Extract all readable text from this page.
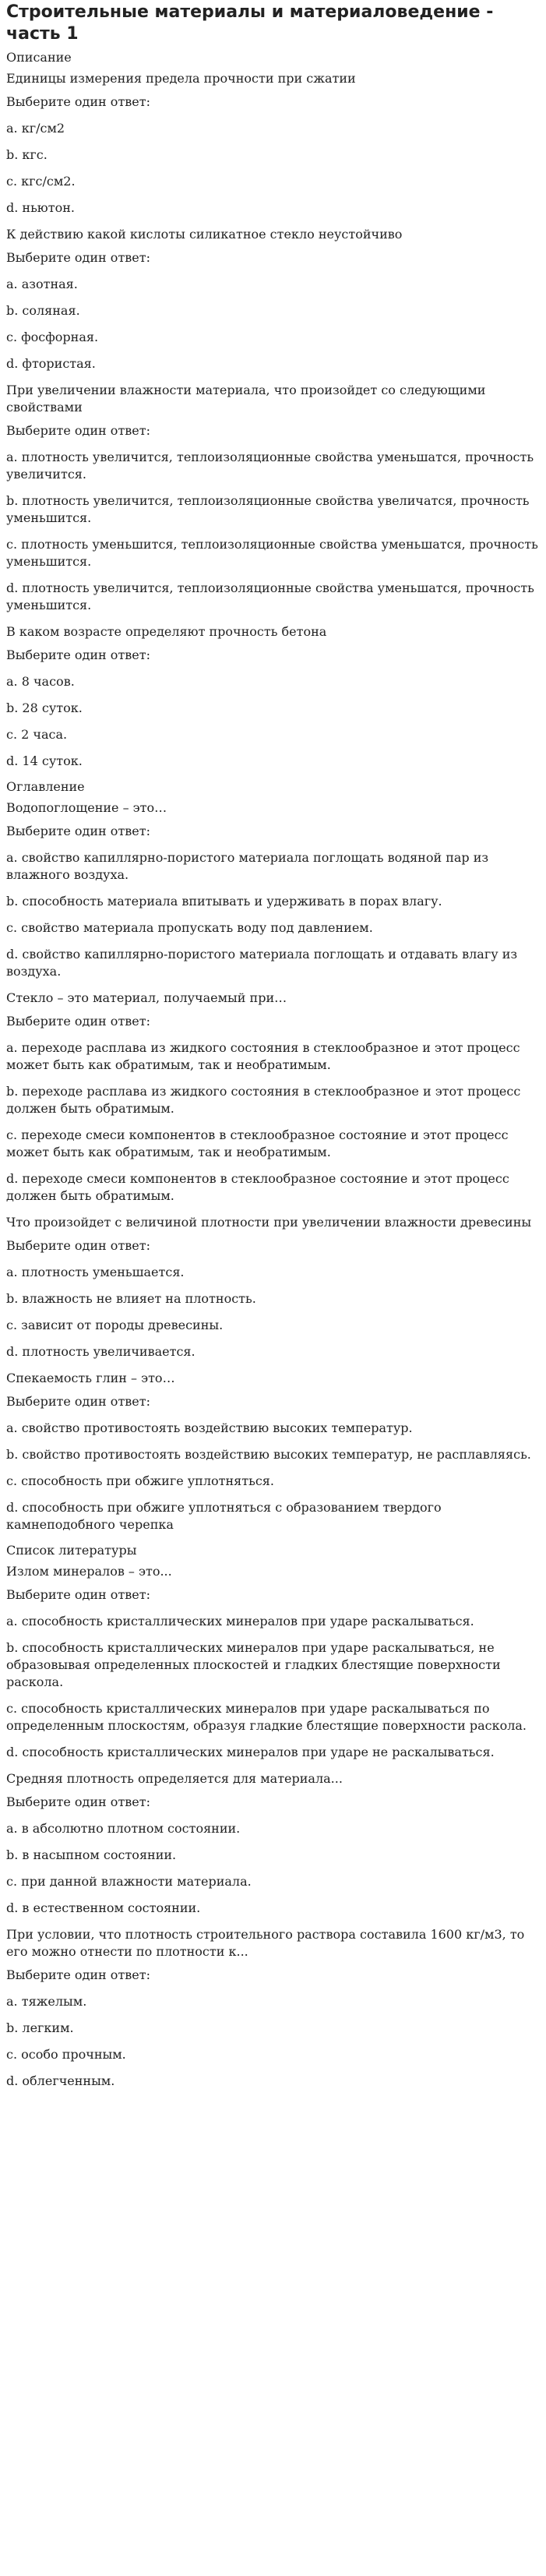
Строительные материалы и материаловедение - часть 1
Описание
Единицы измерения предела прочности при сжатии
Выберите один ответ:
a. кг/см2
b. кгс.
c. кгс/см2.
d. ньютон.
К действию какой кислоты силикатное стекло неустойчиво
Выберите один ответ:
a. азотная.
b. соляная.
c. фосфорная.
d. фтористая.
При увеличении влажности материала, что произойдет со следующими свойствами
Выберите один ответ:
a. плотность увеличится, теплоизоляционные свойства уменьшатся, прочность увеличится.
b. плотность увеличится, теплоизоляционные свойства увеличатся, прочность уменьшится.
c. плотность уменьшится, теплоизоляционные свойства уменьшатся, прочность уменьшится.
d. плотность увеличится, теплоизоляционные свойства уменьшатся, прочность уменьшится.
В каком возрасте определяют прочность бетона
Выберите один ответ:
a. 8 часов.
b. 28 суток.
c. 2 часа.
d. 14 суток.
Оглавление
Водопоглощение – это…
Выберите один ответ:
a. свойство капиллярно-пористого материала поглощать водяной пар из влажного воздуха.
b. способность материала впитывать и удерживать в порах влагу.
c. свойство материала пропускать воду под давлением.
d. свойство капиллярно-пористого материала поглощать и отдавать влагу из воздуха.
Стекло – это материал, получаемый при…
Выберите один ответ:
a. переходе расплава из жидкого состояния в стеклообразное и этот процесс может быть как обратимым, так и необратимым.
b. переходе расплава из жидкого состояния в стеклообразное и этот процесс должен быть обратимым.
c. переходе смеси компонентов в стеклообразное состояние и этот процесс может быть как обратимым, так и необратимым.
d. переходе смеси компонентов в стеклообразное состояние и этот процесс должен быть обратимым.
Что произойдет с величиной плотности при увеличении влажности древесины
Выберите один ответ:
a. плотность уменьшается.
b. влажность не влияет на плотность.
c. зависит от породы древесины.
d. плотность увеличивается.
Спекаемость глин – это…
Выберите один ответ:
a. свойство противостоять воздействию высоких температур.
b. свойство противостоять воздействию высоких температур, не расплавляясь.
c. способность при обжиге уплотняться.
d. способность при обжиге уплотняться с образованием твердого камнеподобного черепка
Список литературы
Излом минералов – это...
Выберите один ответ:
a. способность кристаллических минералов при ударе раскалываться.
b. способность кристаллических минералов при ударе раскалываться, не образовывая определенных плоскостей и гладких блестящие поверхности раскола.
c. способность кристаллических минералов при ударе раскалываться по определенным плоскостям, образуя гладкие блестящие поверхности раскола.
d. способность кристаллических минералов при ударе не раскалываться.
Средняя плотность определяется для материала...
Выберите один ответ:
a. в абсолютно плотном состоянии.
b. в насыпном состоянии.
c. при данной влажности материала.
d. в естественном состоянии.
При условии, что плотность строительного раствора составила 1600 кг/м3, то его можно отнести по плотности к...
Выберите один ответ:
a. тяжелым.
b. легким.
c. особо прочным.
d. облегченным.
